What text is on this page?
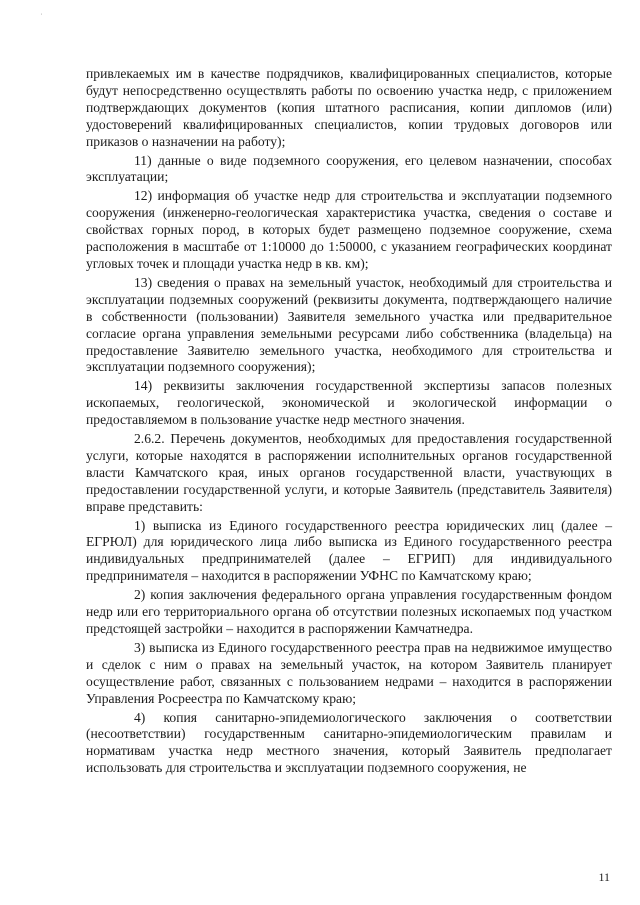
˙

привлекаемых им в качестве подрядчиков, квалифицированных специалистов, которые будут непосредственно осуществлять работы по освоению участка недр, с приложением подтверждающих документов (копия штатного расписания, копии дипломов (или) удостоверений квалифицированных специалистов, копии трудовых договоров или приказов о назначении на работу);

11) данные о виде подземного сооружения, его целевом назначении, способах эксплуатации;

12) информация об участке недр для строительства и эксплуатации подземного сооружения (инженерно-геологическая характеристика участка, сведения о составе и свойствах горных пород, в которых будет размещено подземное сооружение, схема расположения в масштабе от 1:10000 до 1:50000, с указанием географических координат угловых точек и площади участка недр в кв. км);

13) сведения о правах на земельный участок, необходимый для строительства и эксплуатации подземных сооружений (реквизиты документа, подтверждающего наличие в собственности (пользовании) Заявителя земельного участка или предварительное согласие органа управления земельными ресурсами либо собственника (владельца) на предоставление Заявителю земельного участка, необходимого для строительства и эксплуатации подземного сооружения);

14) реквизиты заключения государственной экспертизы запасов полезных ископаемых, геологической, экономической и экологической информации о предоставляемом в пользование участке недр местного значения.

2.6.2. Перечень документов, необходимых для предоставления государственной услуги, которые находятся в распоряжении исполнительных органов государственной власти Камчатского края, иных органов государственной власти, участвующих в предоставлении государственной услуги, и которые Заявитель (представитель Заявителя) вправе представить:

1) выписка из Единого государственного реестра юридических лиц (далее – ЕГРЮЛ) для юридического лица либо выписка из Единого государственного реестра индивидуальных предпринимателей (далее – ЕГРИП) для индивидуального предпринимателя – находится в распоряжении УФНС по Камчатскому краю;

2) копия заключения федерального органа управления государственным фондом недр или его территориального органа об отсутствии полезных ископаемых под участком предстоящей застройки – находится в распоряжении Камчатнедра.

3) выписка из Единого государственного реестра прав на недвижимое имущество и сделок с ним о правах на земельный участок, на котором Заявитель планирует осуществление работ, связанных с пользованием недрами – находится в распоряжении Управления Росреестра по Камчатскому краю;

4) копия санитарно-эпидемиологического заключения о соответствии (несоответствии) государственным санитарно-эпидемиологическим правилам и нормативам участка недр местного значения, который Заявитель предполагает использовать для строительства и эксплуатации подземного сооружения, не

11
